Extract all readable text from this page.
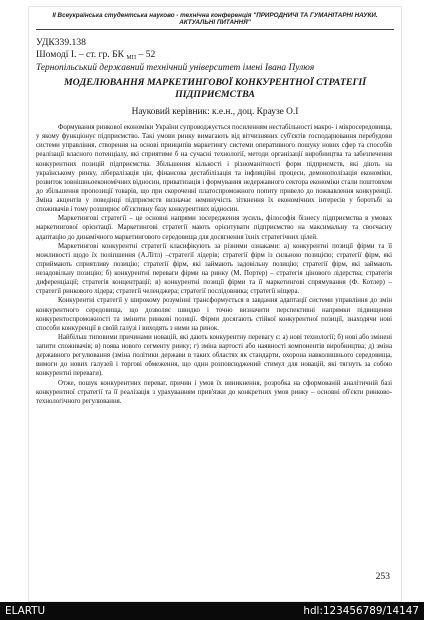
ІІ Всеукраїнська студентська науково - технічна конференція "ПРИРОДНИЧІ ТА ГУМАНІТАРНІ НАУКИ. АКТУАЛЬНІ ПИТАННЯ"
УДК339.138
Шомодї І. – ст. гр. БК $_{МП}$ – 52
Тернопільський державний технічний університет імені Івана Пулюя
МОДЕЛЮВАННЯ МАРКЕТИНГОВОЇ КОНКУРЕНТНОЇ СТРАТЕГІЇ ПІДПРИЄМСТВА
Науковий керівник: к.е.н., доц. Краузе О.І

Формування ринкової економіки України супроводжується посиленням нестабільності макро- і мікросередовища, у якому функціонує підприємство. Такі умови ринку вимагають від вітчизняних суб'єктів господарювання перебудови системи управління, створення на основі принципів маркетингу системи оперативного пошуку нових сфер та способів реалізації власного потенціалу, які сприятиме б на сучасні технології, методи організації виробництва та забезпечення конкурентних позицій підприємства. Збільшення кількості і різноманітності форм підприємств, які діють на українському ринку, лібералізація цін, фінансова дестабілізація та інфляційні процеси, демонополізація економіки, розвиток зовнішньоекономічних відносин, приватизація і формування недержавного сектора економіки стали поштовхом до збільшення пропозиції товарів, що при скороченні платоспроможного попиту привело до пожвавлення конкуренції. Зміна акцентів у поведінці підприємств визначає неминучість зіткнення їх економічних інтересів у боротьбі за споживачів і тому розширює об'єктивну базу конкурентних відносин.

Маркетингові стратегії – це основні напрями зосередження зусиль, філософія бізнесу підприємства в умовах маркетингової орієнтації. Маркетингові стратегії мають орієнтувати підприємство на максимальну та своєчасну адаптацію до динамічного маркетингового середовища для досягнення їхніх стратегічних цілей.

Маркетингові конкурентні стратегії класифікують за різними ознаками: а) конкурентні позиції фірми та її можливості щодо їх поліпшення (А.Літл) –стратегії лідерів; стратегії фірм із сильною позицією; стратегії фірм, які сприймають сприятливу позицію; стратегії фірм, які займають задовільну позицію; стратегії фірм, які займають незадовільну позицію; б) конкурентні переваги фірми на ринку (М. Портер) – стратегія цінового лідерства; стратегія диференціації; стратегія концентрації; в) конкурентні позиції фірми та її маркетингові спрямування (Ф. Котлер) – стратегії ринкового лідера; стратегії челенджера; стратегії послідовника; стратегії ніщера.

Конкурентні стратегії у широкому розумінні трансформується в завдання адаптації системи управління до змін конкурентного середовища, що дозволяє швидко і точно визначити перспективні напрямки підвищення конкурентоспроможності та змінити ринкові позиції. Фірми досягають стійкої конкурентної позиції, знаходячи нові способи конкуренції в своїй галузі і виходять з ними на ринок.

Найбільш типовими причинами новацій, які дають конкурентну перевагу є: а) нові технології; б) нові або змінені запити споживачів; в) поява нового сегменту ринку; г) зміна вартості або наявності компонентів виробництва; д) зміна державного регулювання (зміна політики держави в таких областях як стандарти, охорона навколишнього середовища, вимоги до нових галузей і торгові обмеження, що один розповсюджений стимул для новацій, які тягнуть за собою конкурентні переваги).

Отже, пошук конкурентних переваг, причин і умов їх виникнення, розробка на сформованій аналітичній базі конкурентної стратегії та її реалізація з урахуванням прив'язки до конкретних умов ринку – основні об'єкти ринково-технологічного регулювання.

253
ELARTU	hdl:123456789/14147
